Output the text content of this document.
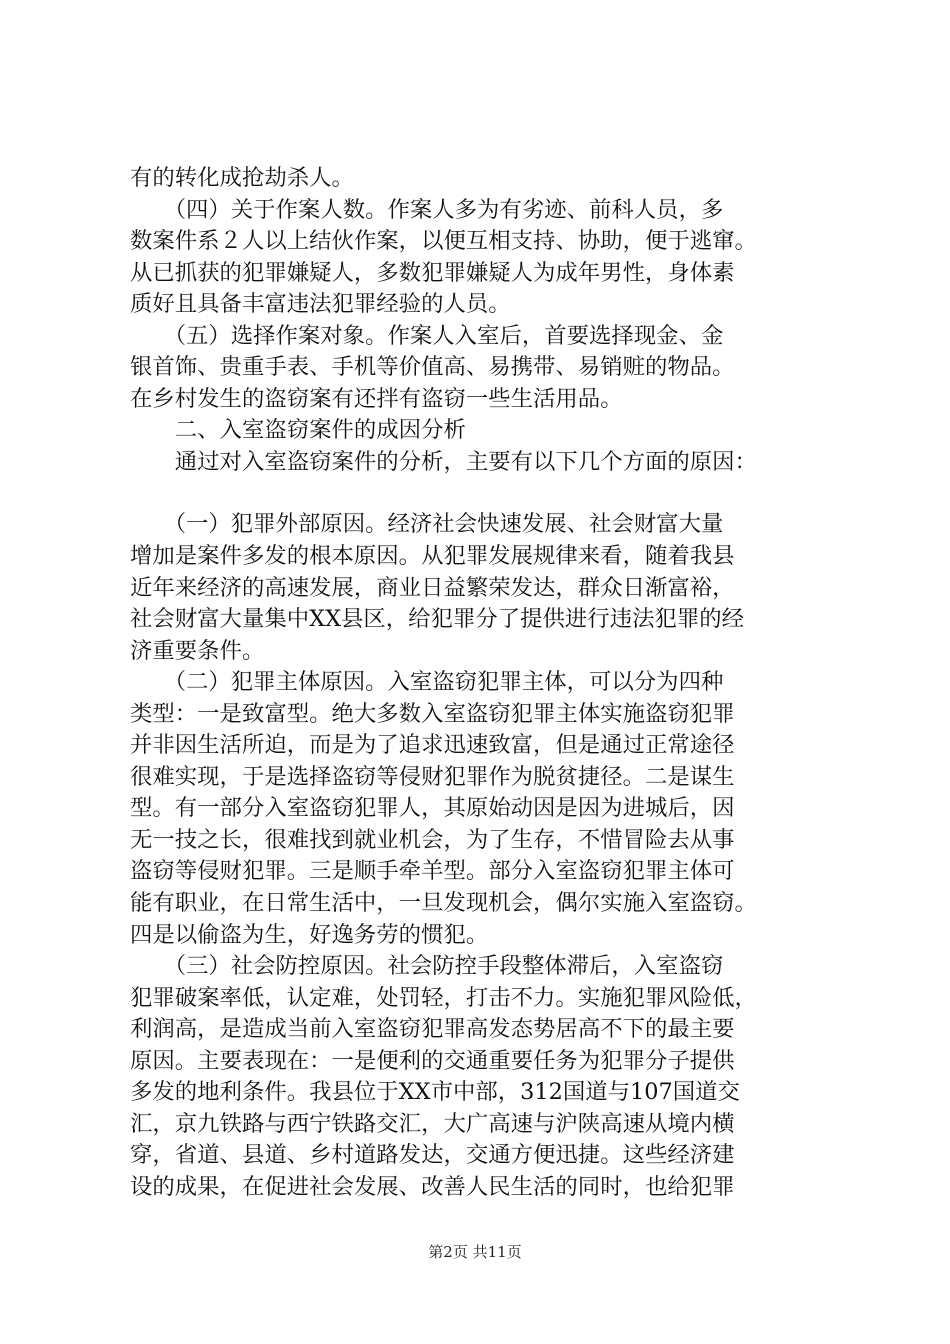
有的转化成抢劫杀人。
　　（四）关于作案人数。作案人多为有劣迹、前科人员，多
数案件系２人以上结伙作案，以便互相支持、协助，便于逃窜。
从已抓获的犯罪嫌疑人，多数犯罪嫌疑人为成年男性，身体素
质好且具备丰富违法犯罪经验的人员。
　　（五）选择作案对象。作案人入室后，首要选择现金、金
银首饰、贵重手表、手机等价值高、易携带、易销赃的物品。
在乡村发生的盗窃案有还拌有盗窃一些生活用品。
　　二、入室盗窃案件的成因分析
　　通过对入室盗窃案件的分析，主要有以下几个方面的原因：
　　（一）犯罪外部原因。经济社会快速发展、社会财富大量
增加是案件多发的根本原因。从犯罪发展规律来看，随着我县
近年来经济的高速发展，商业日益繁荣发达，群众日渐富裕，
社会财富大量集中XX县区，给犯罪分了提供进行违法犯罪的经
济重要条件。
　　（二）犯罪主体原因。入室盗窃犯罪主体，可以分为四种
类型：一是致富型。绝大多数入室盗窃犯罪主体实施盗窃犯罪
并非因生活所迫，而是为了追求迅速致富，但是通过正常途径
很难实现，于是选择盗窃等侵财犯罪作为脱贫捷径。二是谋生
型。有一部分入室盗窃犯罪人，其原始动因是因为进城后，因
无一技之长，很难找到就业机会，为了生存，不惜冒险去从事
盗窃等侵财犯罪。三是顺手牵羊型。部分入室盗窃犯罪主体可
能有职业，在日常生活中，一旦发现机会，偶尔实施入室盗窃。
四是以偷盗为生，好逸务劳的惯犯。
　　（三）社会防控原因。社会防控手段整体滞后，入室盗窃
犯罪破案率低，认定难，处罚轻，打击不力。实施犯罪风险低，
利润高，是造成当前入室盗窃犯罪高发态势居高不下的最主要
原因。主要表现在：一是便利的交通重要任务为犯罪分子提供
多发的地利条件。我县位于XX市中部，312国道与107国道交
汇，京九铁路与西宁铁路交汇，大广高速与沪陕高速从境内横
穿，省道、县道、乡村道路发达，交通方便迅捷。这些经济建
设的成果，在促进社会发展、改善人民生活的同时，也给犯罪
第2页 共11页
